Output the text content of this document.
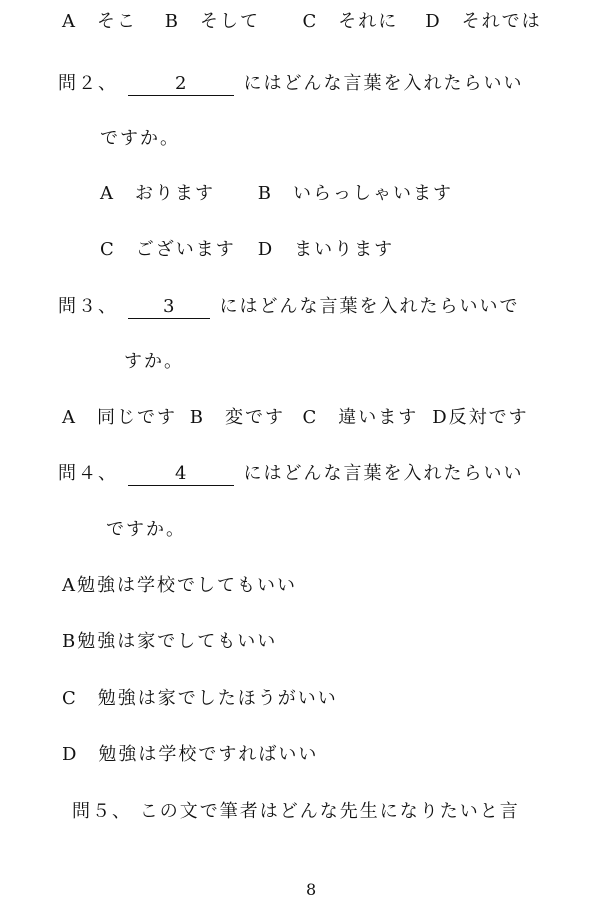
A　そこ B　そして C　それに D　それでは
問２、	2	にはどんな言葉を入れたらいい
ですか。
A　おります B　いらっしゃいます
C　ございます D　まいります
問３、	3	にはどんな言葉を入れたらいいで
すか。
A　同じです B　変です C　違います D反対です
問４、	4	にはどんな言葉を入れたらいい
ですか。
A勉強は学校でしてもいい
B勉強は家でしてもいい
C　勉強は家でしたほうがいい
D　勉強は学校ですればいい
問５、 この文で筆者はどんな先生になりたいと言
8
